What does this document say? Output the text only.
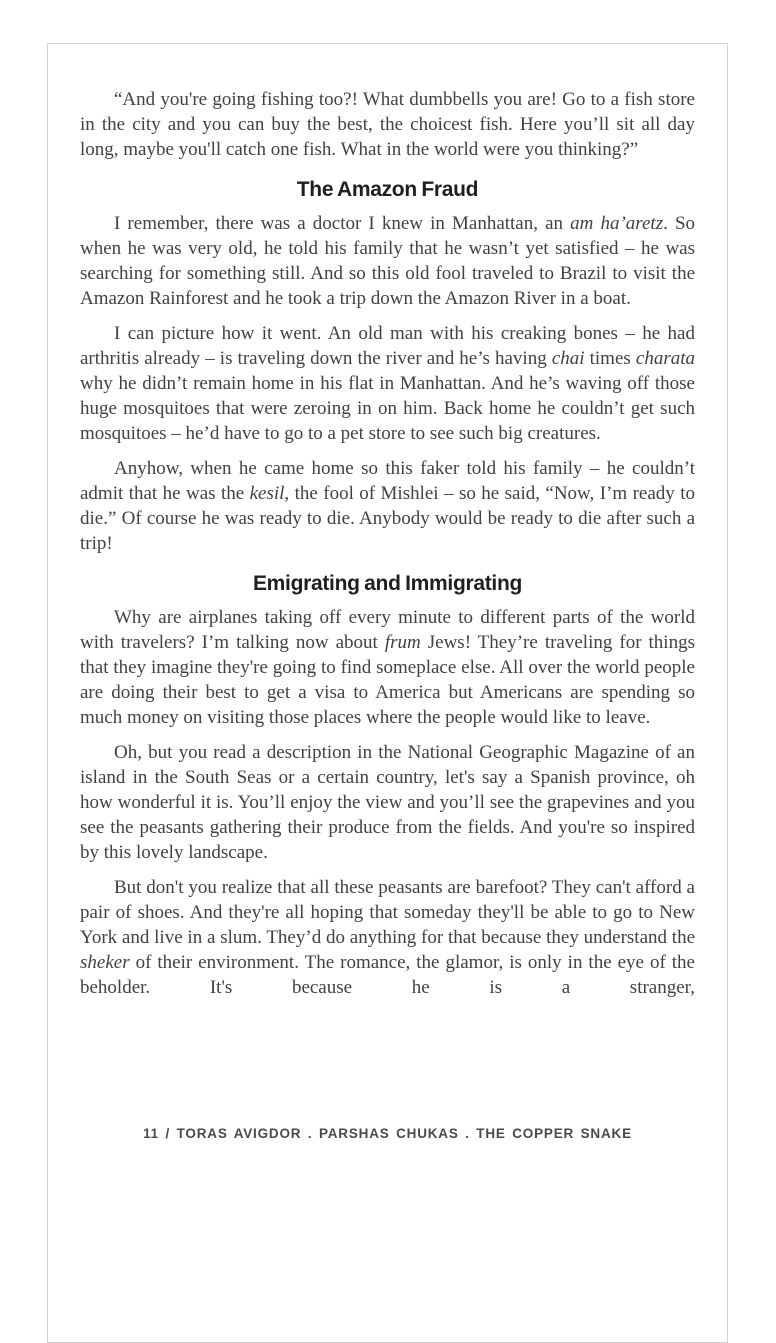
“And you're going fishing too?! What dumbbells you are! Go to a fish store in the city and you can buy the best, the choicest fish. Here you’ll sit all day long, maybe you'll catch one fish. What in the world were you thinking?”

The Amazon Fraud

I remember, there was a doctor I knew in Manhattan, an am ha’aretz. So when he was very old, he told his family that he wasn’t yet satisfied – he was searching for something still. And so this old fool traveled to Brazil to visit the Amazon Rainforest and he took a trip down the Amazon River in a boat.

I can picture how it went. An old man with his creaking bones – he had arthritis already – is traveling down the river and he’s having chai times charata why he didn’t remain home in his flat in Manhattan. And he’s waving off those huge mosquitoes that were zeroing in on him. Back home he couldn’t get such mosquitoes – he’d have to go to a pet store to see such big creatures.

Anyhow, when he came home so this faker told his family – he couldn’t admit that he was the kesil, the fool of Mishlei – so he said, “Now, I’m ready to die.” Of course he was ready to die. Anybody would be ready to die after such a trip!

Emigrating and Immigrating

Why are airplanes taking off every minute to different parts of the world with travelers? I’m talking now about frum Jews! They’re traveling for things that they imagine they're going to find someplace else. All over the world people are doing their best to get a visa to America but Americans are spending so much money on visiting those places where the people would like to leave.

Oh, but you read a description in the National Geographic Magazine of an island in the South Seas or a certain country, let's say a Spanish province, oh how wonderful it is. You’ll enjoy the view and you’ll see the grapevines and you see the peasants gathering their produce from the fields. And you're so inspired by this lovely landscape.

But don't you realize that all these peasants are barefoot? They can't afford a pair of shoes. And they're all hoping that someday they'll be able to go to New York and live in a slum. They’d do anything for that because they understand the sheker of their environment. The romance, the glamor, is only in the eye of the beholder. It's because he is a stranger,

11 / TORAS AVIGDOR . PARSHAS CHUKAS . THE COPPER SNAKE
